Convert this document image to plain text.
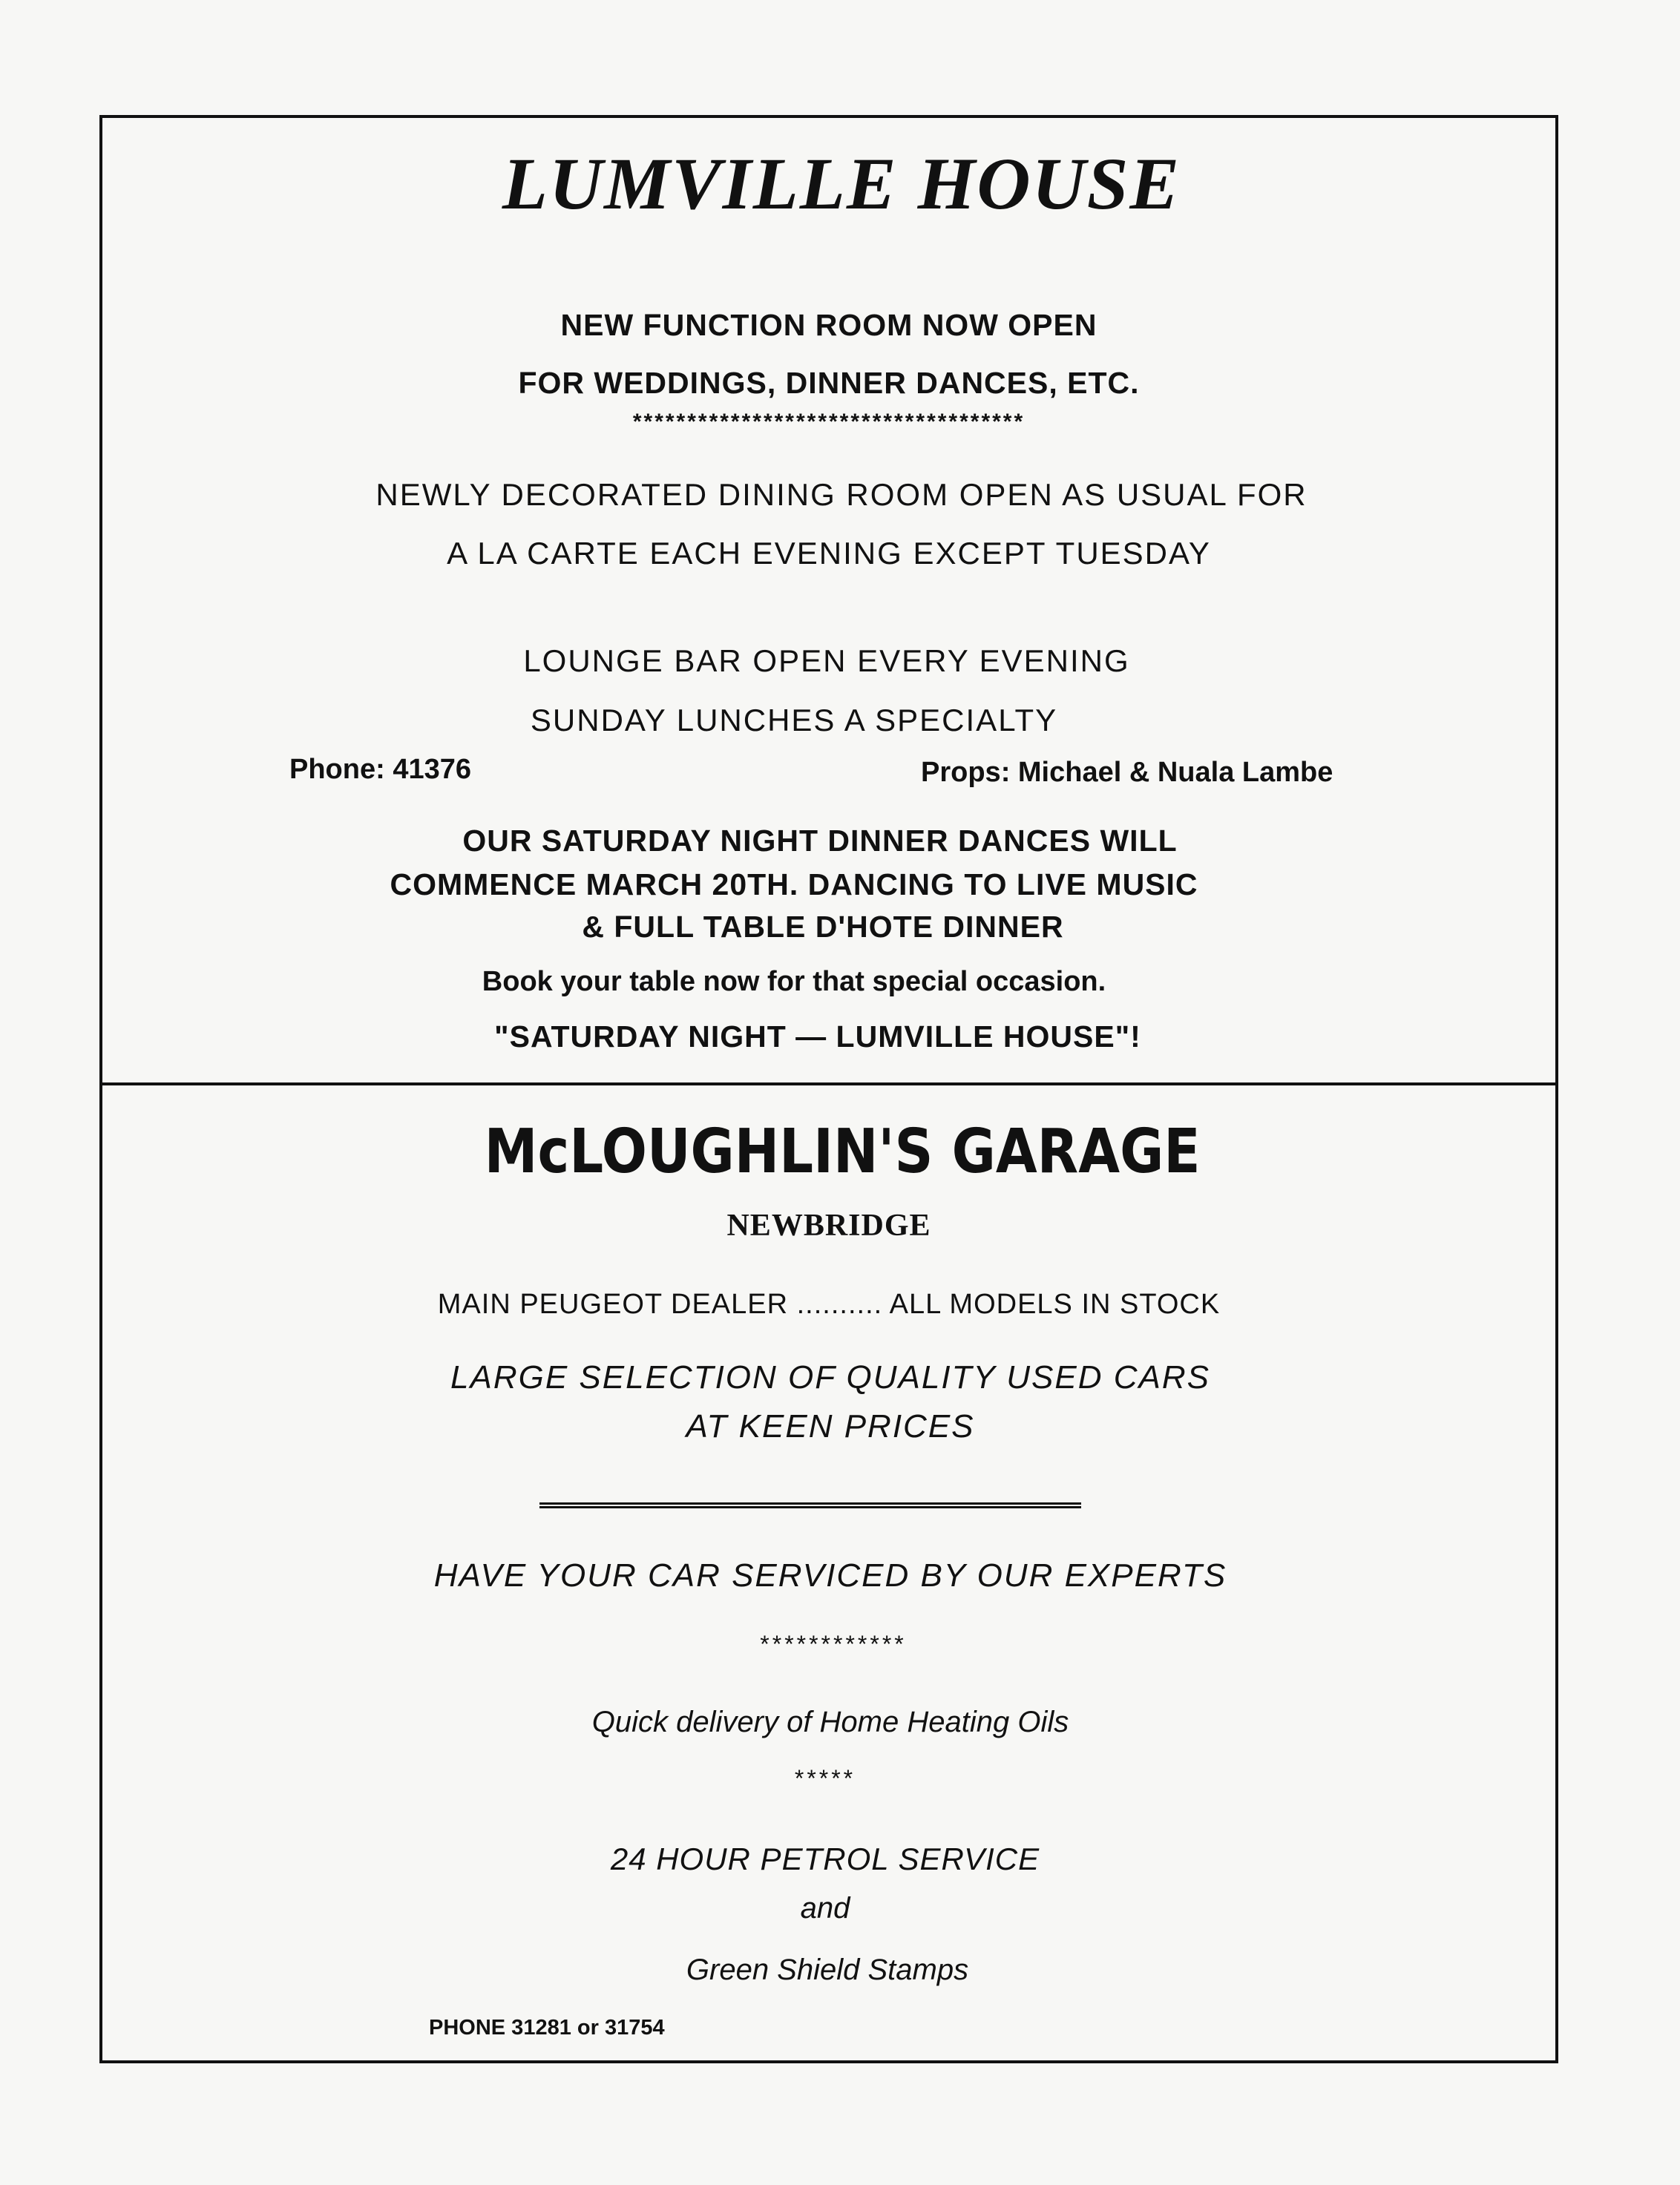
LUMVILLE HOUSE
NEW FUNCTION ROOM NOW OPEN
FOR WEDDINGS, DINNER DANCES, ETC.
************************************
NEWLY DECORATED DINING ROOM OPEN AS USUAL FOR
A LA CARTE EACH EVENING EXCEPT TUESDAY
LOUNGE BAR OPEN EVERY EVENING
SUNDAY LUNCHES A SPECIALTY
Phone: 41376	Props: Michael & Nuala Lambe
OUR SATURDAY NIGHT DINNER DANCES WILL
COMMENCE MARCH 20TH. DANCING TO LIVE MUSIC
& FULL TABLE D'HOTE DINNER
Book your table now for that special occasion.
"SATURDAY NIGHT — LUMVILLE HOUSE"!
McLOUGHLIN'S GARAGE
NEWBRIDGE
MAIN PEUGEOT DEALER .......... ALL MODELS IN STOCK
LARGE SELECTION OF QUALITY USED CARS
AT KEEN PRICES
HAVE YOUR CAR SERVICED BY OUR EXPERTS
************
Quick delivery of Home Heating Oils
*****
24 HOUR PETROL SERVICE
and
Green Shield Stamps
PHONE 31281 or 31754
